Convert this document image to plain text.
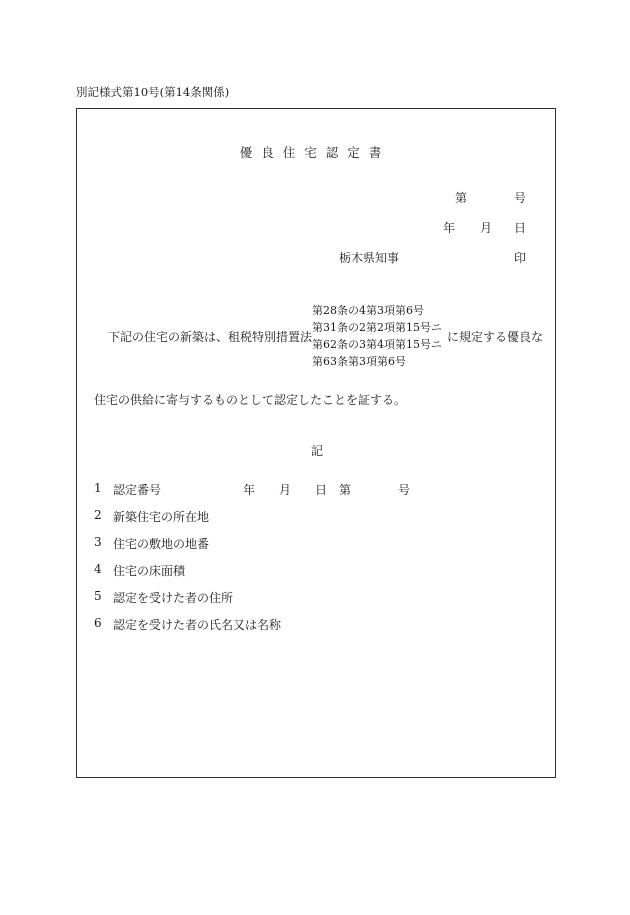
別記様式第10号(第14条関係)
優良住宅認定書
第	号
年 月 日
栃木県知事	印
下記の住宅の新築は、租税特別措置法
第28条の4第3項第6号
第31条の2第2項第15号ニ
第62条の3第4項第15号ニ
第63条第3項第6号
に規定する優良な
住宅の供給に寄与するものとして認定したことを証する。
記
1 認定番号	年 月 日 第	号
2 新築住宅の所在地
3 住宅の敷地の地番
4 住宅の床面積
5 認定を受けた者の住所
6 認定を受けた者の氏名又は名称
